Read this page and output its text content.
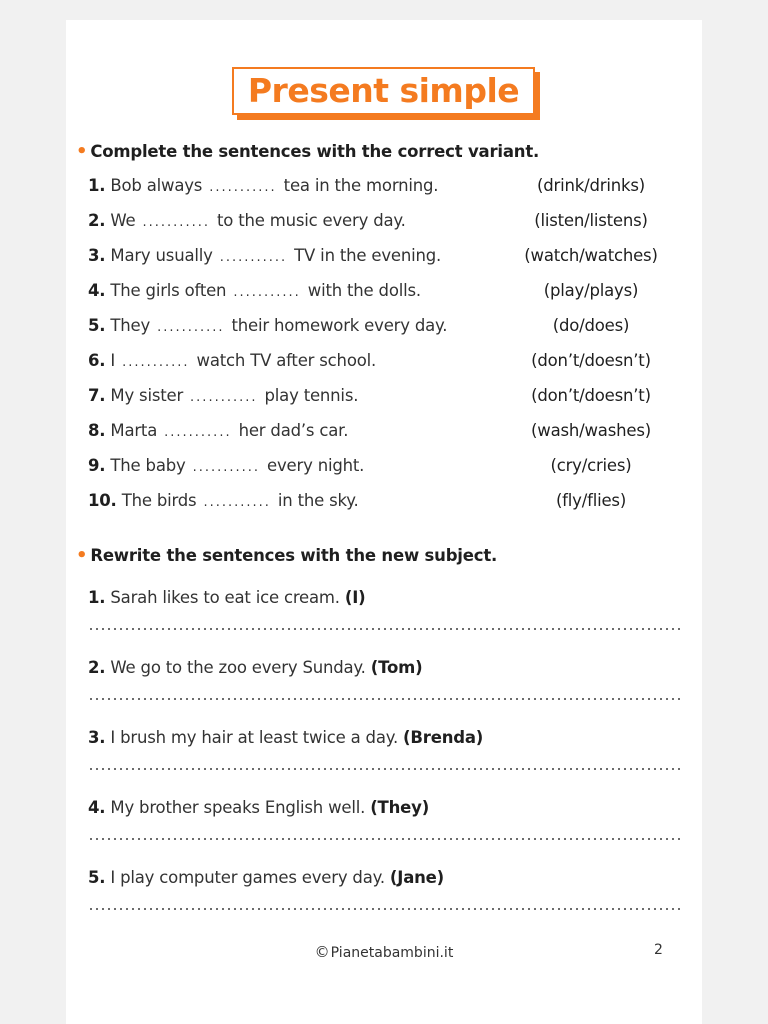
Present simple
• Complete the sentences with the correct variant.
1. Bob always ........... tea in the morning.	(drink/drinks)
2. We ........... to the music every day.	(listen/listens)
3. Mary usually ........... TV in the evening.	(watch/watches)
4. The girls often ........... with the dolls.	(play/plays)
5. They ........... their homework every day.	(do/does)
6. I ........... watch TV after school.	(don’t/doesn’t)
7. My sister ........... play tennis.	(don’t/doesn’t)
8. Marta ........... her dad’s car.	(wash/washes)
9. The baby ........... every night.	(cry/cries)
10. The birds ........... in the sky.	(fly/flies)
• Rewrite the sentences with the new subject.
1. Sarah likes to eat ice cream. (I)
2. We go to the zoo every Sunday. (Tom)
3. I brush my hair at least twice a day. (Brenda)
4. My brother speaks English well. (They)
5. I play computer games every day. (Jane)
©Pianetabambini.it	2
